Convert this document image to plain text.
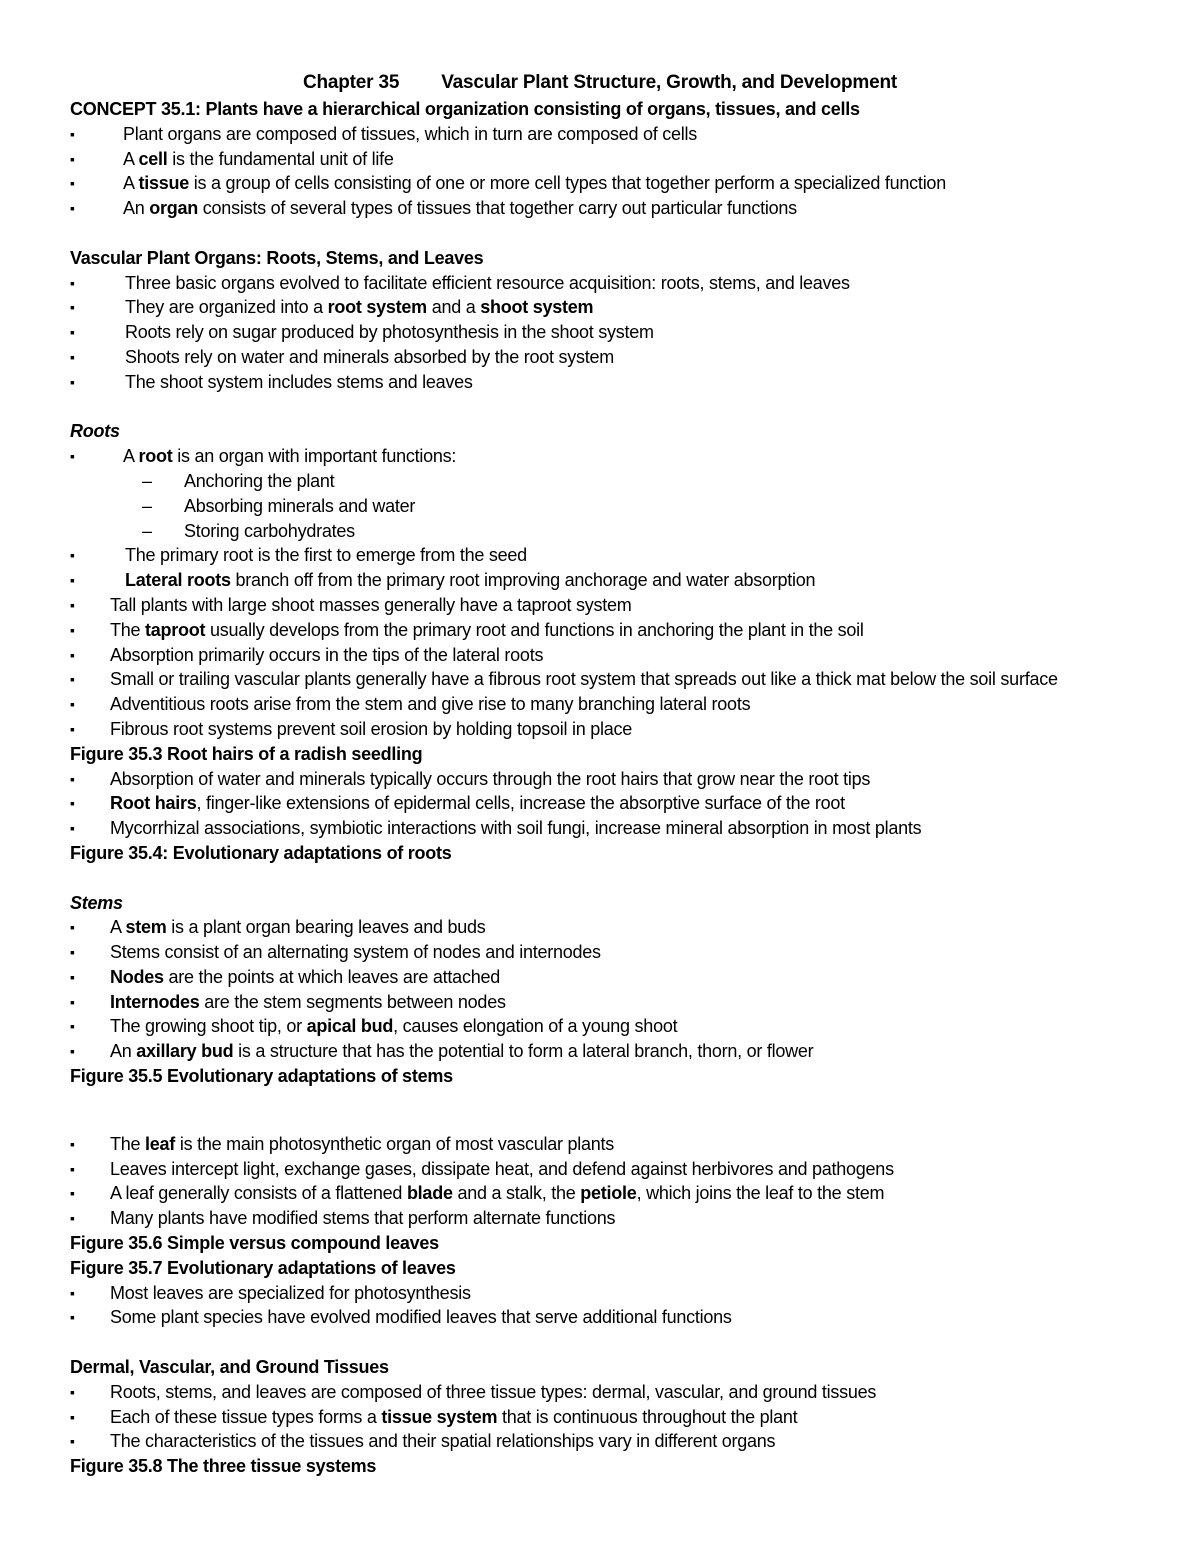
Chapter 35 Vascular Plant Structure, Growth, and Development
CONCEPT 35.1: Plants have a hierarchical organization consisting of organs, tissues, and cells
▪	Plant organs are composed of tissues, which in turn are composed of cells
▪	A cell is the fundamental unit of life
▪	A tissue is a group of cells consisting of one or more cell types that together perform a specialized function
▪	An organ consists of several types of tissues that together carry out particular functions
Vascular Plant Organs: Roots, Stems, and Leaves
▪	Three basic organs evolved to facilitate efficient resource acquisition: roots, stems, and leaves
▪	They are organized into a root system and a shoot system
▪	Roots rely on sugar produced by photosynthesis in the shoot system
▪	Shoots rely on water and minerals absorbed by the root system
▪	The shoot system includes stems and leaves
Roots
▪	A root is an organ with important functions:
– Anchoring the plant
– Absorbing minerals and water
– Storing carbohydrates
▪	The primary root is the first to emerge from the seed
▪	Lateral roots branch off from the primary root improving anchorage and water absorption
▪ Tall plants with large shoot masses generally have a taproot system
▪ The taproot usually develops from the primary root and functions in anchoring the plant in the soil
▪ Absorption primarily occurs in the tips of the lateral roots
▪ Small or trailing vascular plants generally have a fibrous root system that spreads out like a thick mat below the soil surface
▪ Adventitious roots arise from the stem and give rise to many branching lateral roots
▪ Fibrous root systems prevent soil erosion by holding topsoil in place
Figure 35.3 Root hairs of a radish seedling
▪ Absorption of water and minerals typically occurs through the root hairs that grow near the root tips
▪ Root hairs, finger-like extensions of epidermal cells, increase the absorptive surface of the root
▪ Mycorrhizal associations, symbiotic interactions with soil fungi, increase mineral absorption in most plants
Figure 35.4: Evolutionary adaptations of roots
Stems
▪ A stem is a plant organ bearing leaves and buds
▪ Stems consist of an alternating system of nodes and internodes
▪ Nodes are the points at which leaves are attached
▪ Internodes are the stem segments between nodes
▪ The growing shoot tip, or apical bud, causes elongation of a young shoot
▪ An axillary bud is a structure that has the potential to form a lateral branch, thorn, or flower
Figure 35.5 Evolutionary adaptations of stems
▪ The leaf is the main photosynthetic organ of most vascular plants
▪ Leaves intercept light, exchange gases, dissipate heat, and defend against herbivores and pathogens
▪ A leaf generally consists of a flattened blade and a stalk, the petiole, which joins the leaf to the stem
▪ Many plants have modified stems that perform alternate functions
Figure 35.6 Simple versus compound leaves
Figure 35.7 Evolutionary adaptations of leaves
▪ Most leaves are specialized for photosynthesis
▪ Some plant species have evolved modified leaves that serve additional functions
Dermal, Vascular, and Ground Tissues
▪ Roots, stems, and leaves are composed of three tissue types: dermal, vascular, and ground tissues
▪ Each of these tissue types forms a tissue system that is continuous throughout the plant
▪ The characteristics of the tissues and their spatial relationships vary in different organs
Figure 35.8 The three tissue systems
